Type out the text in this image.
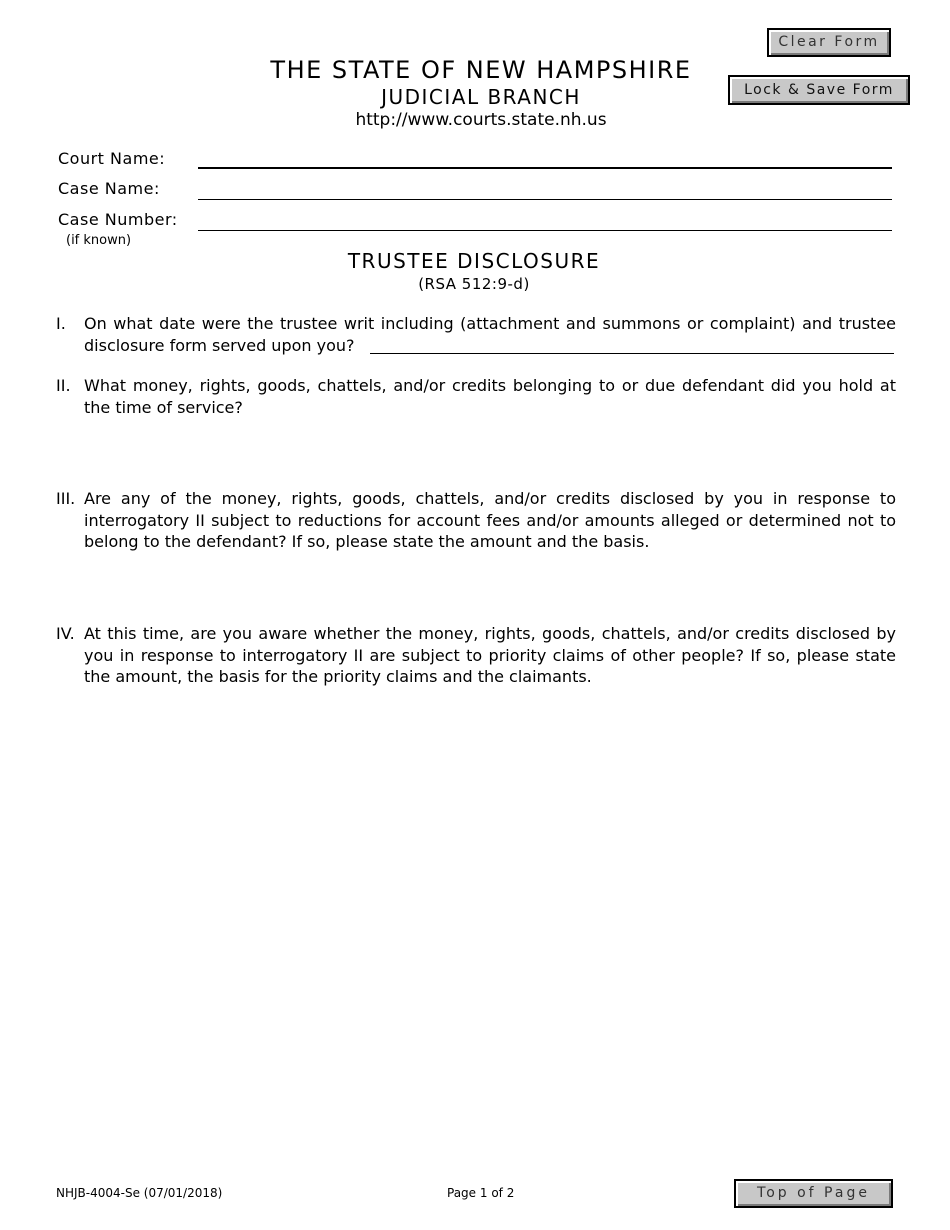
Clear Form
Lock & Save Form
THE STATE OF NEW HAMPSHIRE
JUDICIAL BRANCH
http://www.courts.state.nh.us
Court Name:
Case Name:
Case Number:
(if known)
TRUSTEE DISCLOSURE
(RSA 512:9-d)
I. On what date were the trustee writ including (attachment and summons or complaint) and trustee disclosure form served upon you?
II. What money, rights, goods, chattels, and/or credits belonging to or due defendant did you hold at the time of service?
III. Are any of the money, rights, goods, chattels, and/or credits disclosed by you in response to interrogatory II subject to reductions for account fees and/or amounts alleged or determined not to belong to the defendant? If so, please state the amount and the basis.
IV. At this time, are you aware whether the money, rights, goods, chattels, and/or credits disclosed by you in response to interrogatory II are subject to priority claims of other people? If so, please state the amount, the basis for the priority claims and the claimants.
NHJB-4004-Se (07/01/2018)	Page 1 of 2	Top of Page
